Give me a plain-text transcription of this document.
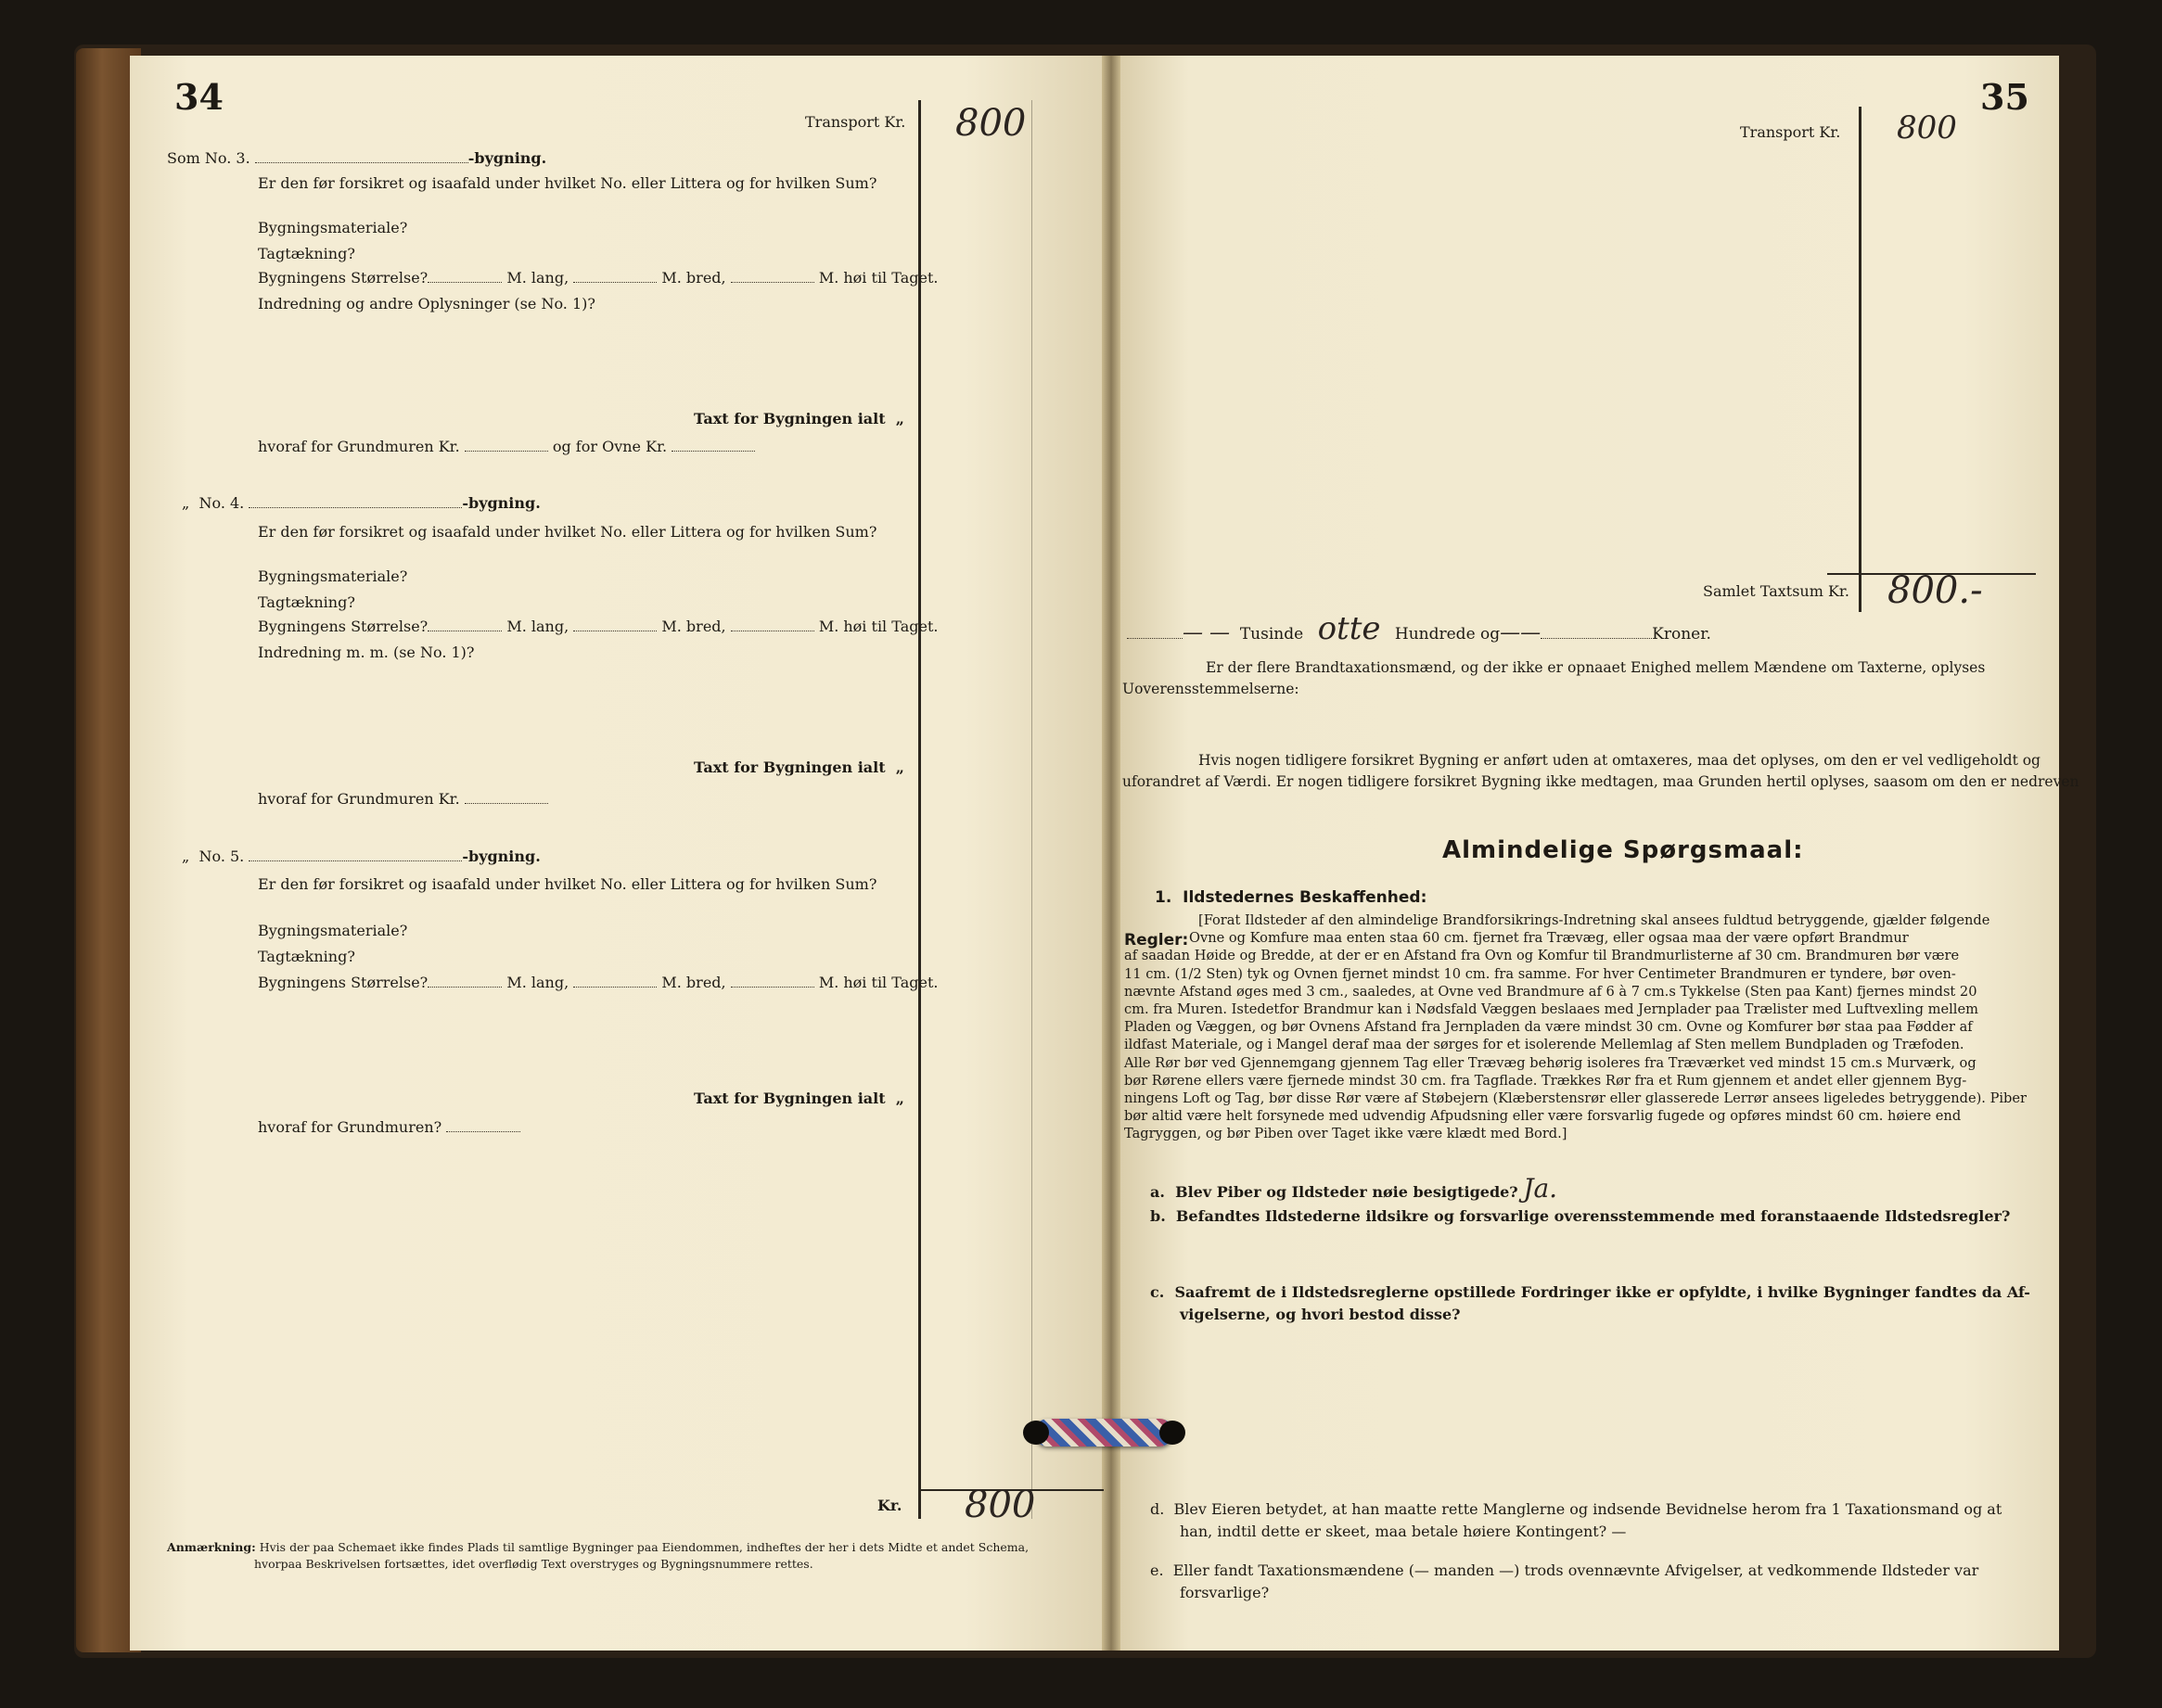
34
Transport Kr. 800
Som No. 3.	-bygning.
Er den før forsikret og isaafald under hvilket No. eller Littera og for hvilken Sum?
Bygningsmateriale?
Tagtækning?
Bygningens Størrelse?	M. lang,	M. bred,	M. høi til Taget.
Indredning og andre Oplysninger (se No. 1)?
Taxt for Bygningen ialt „
hvoraf for Grundmuren Kr.	og for Ovne Kr.
„ No. 4.	-bygning.
Er den før forsikret og isaafald under hvilket No. eller Littera og for hvilken Sum?
Bygningsmateriale?
Tagtækning?
Bygningens Størrelse?	M. lang,	M. bred,	M. høi til Taget.
Indredning m. m. (se No. 1)?
Taxt for Bygningen ialt „
hvoraf for Grundmuren Kr.
„ No. 5.	-bygning.
Er den før forsikret og isaafald under hvilket No. eller Littera og for hvilken Sum?
Bygningsmateriale?
Tagtækning?
Bygningens Størrelse?	M. lang,	M. bred,	M. høi til Taget.
Taxt for Bygningen ialt „
hvoraf for Grundmuren?
Kr. 800
Anmærkning: Hvis der paa Schemaet ikke findes Plads til samtlige Bygninger paa Eiendommen, indheftes der her i dets Midte et andet Schema,
hvorpaa Beskrivelsen fortsættes, idet overflødig Text overstryges og Bygningsnummere rettes.
35
Transport Kr. 800
Samlet Taxtsum Kr. 800.-
— — Tusinde otte Hundrede og——	Kroner.
Er der flere Brandtaxationsmænd, og der ikke er opnaaet Enighed mellem Mændene om Taxterne, oplyses
Uoverensstemmelserne:
Hvis nogen tidligere forsikret Bygning er anført uden at omtaxeres, maa det oplyses, om den er vel vedligeholdt og
uforandret af Værdi. Er nogen tidligere forsikret Bygning ikke medtagen, maa Grunden hertil oplyses, saasom om den er nedreven
Almindelige Spørgsmaal:
1. Ildstedernes Beskaffenhed:
Regler:
[Forat Ildsteder af den almindelige Brandforsikrings-Indretning skal ansees fuldtud betryggende, gjælder følgende
Ovne og Komfure maa enten staa 60 cm. fjernet fra Trævæg, eller ogsaa maa der være opført Brandmur
af saadan Høide og Bredde, at der er en Afstand fra Ovn og Komfur til Brandmurlisterne af 30 cm. Brandmuren bør være
11 cm. (1/2 Sten) tyk og Ovnen fjernet mindst 10 cm. fra samme. For hver Centimeter Brandmuren er tyndere, bør oven-
nævnte Afstand øges med 3 cm., saaledes, at Ovne ved Brandmure af 6 à 7 cm.s Tykkelse (Sten paa Kant) fjernes mindst 20
cm. fra Muren. Istedetfor Brandmur kan i Nødsfald Væggen beslaaes med Jernplader paa Trælister med Luftvexling mellem
Pladen og Væggen, og bør Ovnens Afstand fra Jernpladen da være mindst 30 cm. Ovne og Komfurer bør staa paa Fødder af
ildfast Materiale, og i Mangel deraf maa der sørges for et isolerende Mellemlag af Sten mellem Bundpladen og Træfoden.
Alle Rør bør ved Gjennemgang gjennem Tag eller Trævæg behørig isoleres fra Træværket ved mindst 15 cm.s Murværk, og
bør Rørene ellers være fjernede mindst 30 cm. fra Tagflade. Trækkes Rør fra et Rum gjennem et andet eller gjennem Byg-
ningens Loft og Tag, bør disse Rør være af Støbejern (Klæberstensrør eller glasserede Lerrør ansees ligeledes betryggende). Piber
bør altid være helt forsynede med udvendig Afpudsning eller være forsvarlig fugede og opføres mindst 60 cm. høiere end
Tagryggen, og bør Piben over Taget ikke være klædt med Bord.]
a. Blev Piber og Ildsteder nøie besigtigede? Ja.
b. Befandtes Ildstederne ildsikre og forsvarlige overensstemmende med foranstaaende Ildstedsregler?
c. Saafremt de i Ildstedsreglerne opstillede Fordringer ikke er opfyldte, i hvilke Bygninger fandtes da Af-
vigelserne, og hvori bestod disse?
d. Blev Eieren betydet, at han maatte rette Manglerne og indsende Bevidnelse herom fra 1 Taxationsmand og at
han, indtil dette er skeet, maa betale høiere Kontingent? —
e. Eller fandt Taxationsmændene (— manden —) trods ovennævnte Afvigelser, at vedkommende Ildsteder var
forsvarlige?
